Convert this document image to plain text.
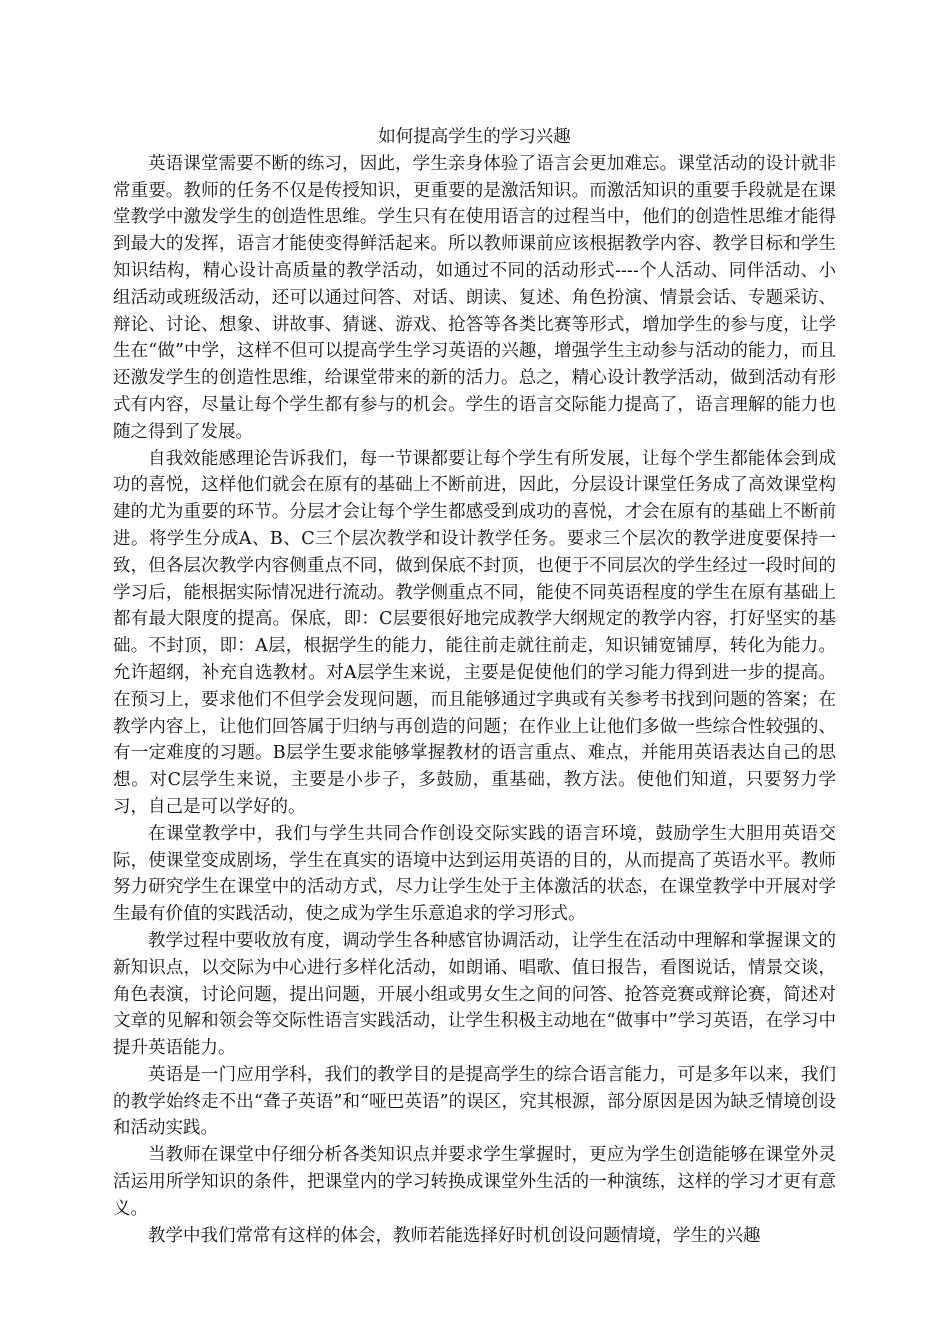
如何提高学生的学习兴趣

英语课堂需要不断的练习，因此，学生亲身体验了语言会更加难忘。课堂活动的设计就非常重要。教师的任务不仅是传授知识，更重要的是激活知识。而激活知识的重要手段就是在课堂教学中激发学生的创造性思维。学生只有在使用语言的过程当中，他们的创造性思维才能得到最大的发挥，语言才能使变得鲜活起来。所以教师课前应该根据教学内容、教学目标和学生知识结构，精心设计高质量的教学活动，如通过不同的活动形式----个人活动、同伴活动、小组活动或班级活动，还可以通过问答、对话、朗读、复述、角色扮演、情景会话、专题采访、辩论、讨论、想象、讲故事、猜谜、游戏、抢答等各类比赛等形式，增加学生的参与度，让学生在“做”中学，这样不但可以提高学生学习英语的兴趣，增强学生主动参与活动的能力，而且还激发学生的创造性思维，给课堂带来的新的活力。总之，精心设计教学活动，做到活动有形式有内容，尽量让每个学生都有参与的机会。学生的语言交际能力提高了，语言理解的能力也随之得到了发展。

自我效能感理论告诉我们，每一节课都要让每个学生有所发展，让每个学生都能体会到成功的喜悦，这样他们就会在原有的基础上不断前进，因此，分层设计课堂任务成了高效课堂构建的尤为重要的环节。分层才会让每个学生都感受到成功的喜悦，才会在原有的基础上不断前进。将学生分成A、B、C三个层次教学和设计教学任务。要求三个层次的教学进度要保持一致，但各层次教学内容侧重点不同，做到保底不封顶，也便于不同层次的学生经过一段时间的学习后，能根据实际情况进行流动。教学侧重点不同，能使不同英语程度的学生在原有基础上都有最大限度的提高。保底，即：C层要很好地完成教学大纲规定的教学内容，打好坚实的基础。不封顶，即：A层，根据学生的能力，能往前走就往前走，知识铺宽铺厚，转化为能力。允许超纲，补充自选教材。对A层学生来说，主要是促使他们的学习能力得到进一步的提高。在预习上，要求他们不但学会发现问题，而且能够通过字典或有关参考书找到问题的答案；在教学内容上，让他们回答属于归纳与再创造的问题；在作业上让他们多做一些综合性较强的、有一定难度的习题。B层学生要求能够掌握教材的语言重点、难点，并能用英语表达自己的思想。对C层学生来说，主要是小步子，多鼓励，重基础，教方法。使他们知道，只要努力学习，自己是可以学好的。

在课堂教学中，我们与学生共同合作创设交际实践的语言环境，鼓励学生大胆用英语交际，使课堂变成剧场，学生在真实的语境中达到运用英语的目的，从而提高了英语水平。教师努力研究学生在课堂中的活动方式，尽力让学生处于主体激活的状态，在课堂教学中开展对学生最有价值的实践活动，使之成为学生乐意追求的学习形式。

教学过程中要收放有度，调动学生各种感官协调活动，让学生在活动中理解和掌握课文的新知识点，以交际为中心进行多样化活动，如朗诵、唱歌、值日报告，看图说话，情景交谈，角色表演，讨论问题，提出问题，开展小组或男女生之间的问答、抢答竞赛或辩论赛，简述对文章的见解和领会等交际性语言实践活动，让学生积极主动地在“做事中”学习英语，在学习中提升英语能力。

英语是一门应用学科，我们的教学目的是提高学生的综合语言能力，可是多年以来，我们的教学始终走不出“聋子英语”和“哑巴英语”的误区，究其根源，部分原因是因为缺乏情境创设和活动实践。

当教师在课堂中仔细分析各类知识点并要求学生掌握时，更应为学生创造能够在课堂外灵活运用所学知识的条件，把课堂内的学习转换成课堂外生活的一种演练，这样的学习才更有意义。

教学中我们常常有这样的体会，教师若能选择好时机创设问题情境，学生的兴趣
